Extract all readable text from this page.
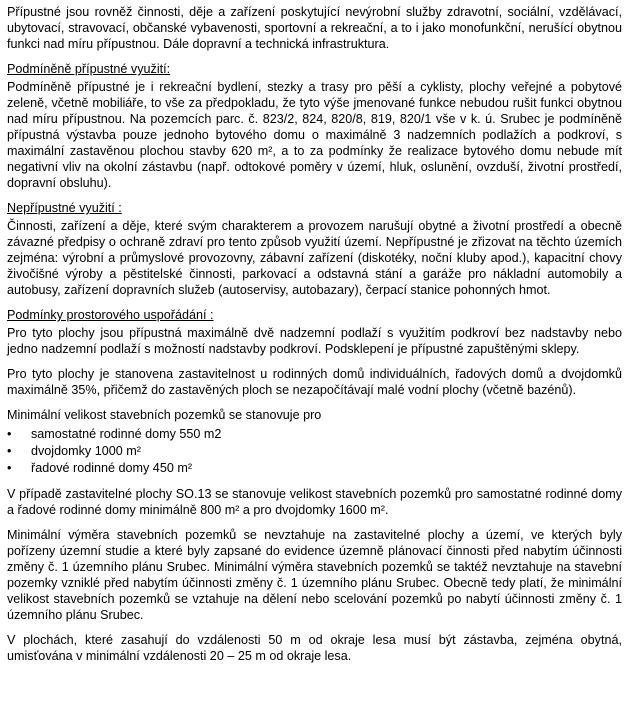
Přípustné jsou rovněž činnosti, děje a zařízení poskytující nevýrobní služby zdravotní, sociální, vzdělávací, ubytovací, stravovací, občanské vybavenosti, sportovní a rekreační, a to i jako monofunkční, nerušící obytnou funkci nad míru přípustnou. Dále dopravní a technická infrastruktura.

Podmíněně přípustné využití:

Podmíněně přípustné je i rekreační bydlení, stezky a trasy pro pěší a cyklisty, plochy veřejné a pobytové zeleně, včetně mobiliáře, to vše za předpokladu, že tyto výše jmenované funkce nebudou rušit funkci obytnou nad míru přípustnou. Na pozemcích parc. č. 823/2, 824, 820/8, 819, 820/1 vše v k. ú. Srubec je podmíněně přípustná výstavba pouze jednoho bytového domu o maximálně 3 nadzemních podlažích a podkroví, s maximální zastavěnou plochou stavby 620 m², a to za podmínky že realizace bytového domu nebude mít negativní vliv na okolní zástavbu (např. odtokové poměry v území, hluk, oslunění, ovzduší, životní prostředí, dopravní obsluhu).

Nepřípustné využití :

Činnosti, zařízení a děje, které svým charakterem a provozem narušují obytné a životní prostředí a obecně závazné předpisy o ochraně zdraví pro tento způsob využití území. Nepřípustné je zřizovat na těchto územích zejména: výrobní a průmyslové provozovny, zábavní zařízení (diskotéky, noční kluby apod.), kapacitní chovy živočišné výroby a pěstitelské činnosti, parkovací a odstavná stání a garáže pro nákladní automobily a autobusy, zařízení dopravních služeb (autoservisy, autobazary), čerpací stanice pohonných hmot.

Podmínky prostorového uspořádání :

Pro tyto plochy jsou přípustná maximálně dvě nadzemní podlaží s využitím podkroví bez nadstavby nebo jedno nadzemní podlaží s možností nadstavby podkroví. Podsklepení je přípustné zapuštěnými sklepy.

Pro tyto plochy je stanovena zastavitelnost u rodinných domů individuálních, řadových domů a dvojdomků maximálně 35%, přičemž do zastavěných ploch se nezapočítávají malé vodní plochy (včetně bazénů).

Minimální velikost stavebních pozemků se stanovuje pro

• samostatné rodinné domy 550 m2
• dvojdomky 1000 m²
• řadové rodinné domy 450 m²

V případě zastavitelné plochy SO.13 se stanovuje velikost stavebních pozemků pro samostatné rodinné domy a řadové rodinné domy minimálně 800 m² a pro dvojdomky 1600 m².

Minimální výměra stavebních pozemků se nevztahuje na zastavitelné plochy a území, ve kterých byly pořízeny územní studie a které byly zapsané do evidence územně plánovací činnosti před nabytím účinnosti změny č. 1 územního plánu Srubec. Minimální výměra stavebních pozemků se taktéž nevztahuje na stavební pozemky vzniklé před nabytím účinnosti změny č. 1 územního plánu Srubec. Obecně tedy platí, že minimální velikost stavebních pozemků se vztahuje na dělení nebo scelování pozemků po nabytí účinnosti změny č. 1 územního plánu Srubec.

V plochách, které zasahují do vzdálenosti 50 m od okraje lesa musí být zástavba, zejména obytná, umisťována v minimální vzdálenosti 20 – 25 m od okraje lesa.
